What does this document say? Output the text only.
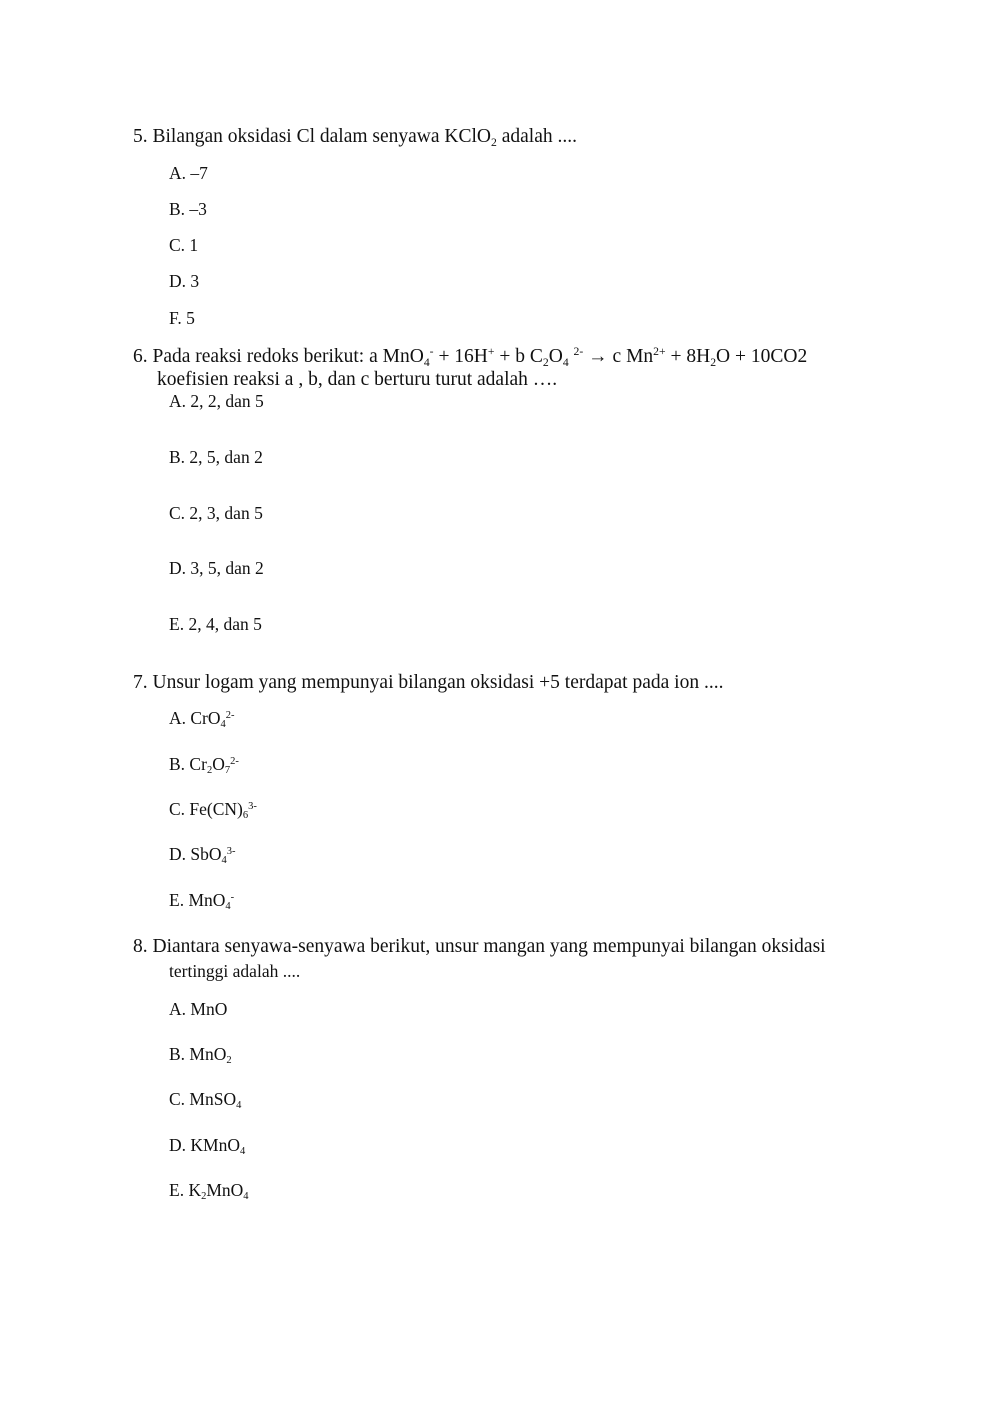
5. Bilangan oksidasi Cl dalam senyawa KClO$_2$ adalah ....
A. –7
B. –3
C. 1
D. 3
F. 5
6. Pada reaksi redoks berikut: a MnO$_4$- + 16H+ + b $C_2O_4$ $^{2-}$ → c $Mn^{2+} + 8H_2O + 10CO2$
koefisien reaksi a , b, dan c berturu turut adalah ….
A. 2, 2, dan 5
B. 2, 5, dan 2
C. 2, 3, dan 5
D. 3, 5, dan 2
E. 2, 4, dan 5
7. Unsur logam yang mempunyai bilangan oksidasi +5 terdapat pada ion ....
A. CrO$_4^{2-}$
B. $Cr_2O_7^{2-}$
C. $Fe(CN)_6^{3-}$
D. SbO$_4^{3-}$
E. MnO$_4$-
8. Diantara senyawa-senyawa berikut, unsur mangan yang mempunyai bilangan oksidasi
tertinggi adalah ....
A. MnO
B. MnO$_2$
C. MnSO$_4$
D. KMnO$_4$
E. $K_2MnO_4$
